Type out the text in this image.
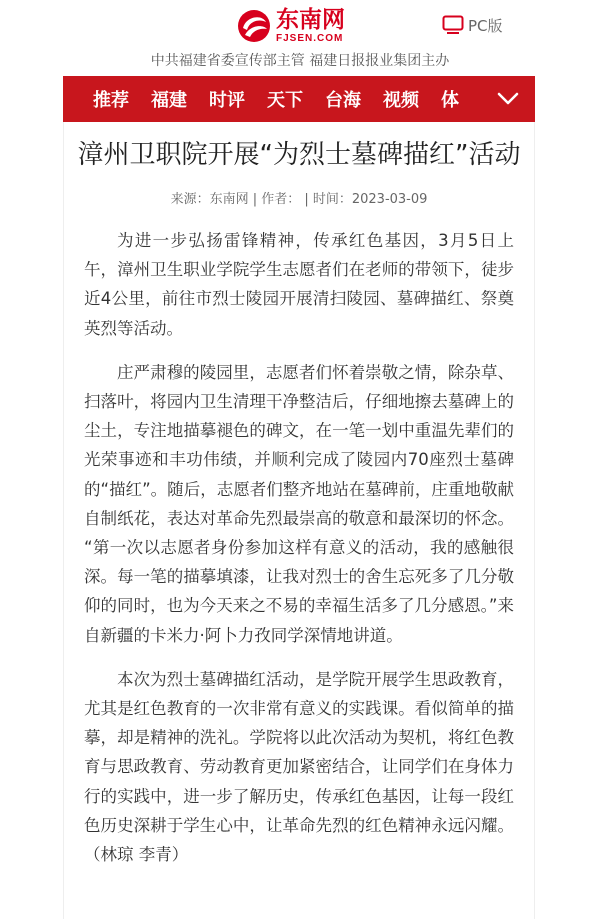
东南网
FJSEN.COM
PC版
中共福建省委宣传部主管 福建日报报业集团主办
推荐 福建 时评 天下 台海 视频 体
漳州卫职院开展“为烈士墓碑描红”活动
来源：东南网 | 作者： | 时间：2023-03-09

为进一步弘扬雷锋精神，传承红色基因，3月5日上午，漳州卫生职业学院学生志愿者们在老师的带领下，徒步近4公里，前往市烈士陵园开展清扫陵园、墓碑描红、祭奠英烈等活动。

庄严肃穆的陵园里，志愿者们怀着崇敬之情，除杂草、扫落叶，将园内卫生清理干净整洁后，仔细地擦去墓碑上的尘土，专注地描摹褪色的碑文，在一笔一划中重温先辈们的光荣事迹和丰功伟绩，并顺利完成了陵园内70座烈士墓碑的“描红”。随后，志愿者们整齐地站在墓碑前，庄重地敬献自制纸花，表达对革命先烈最崇高的敬意和最深切的怀念。 “第一次以志愿者身份参加这样有意义的活动，我的感触很深。每一笔的描摹填漆，让我对烈士的舍生忘死多了几分敬仰的同时，也为今天来之不易的幸福生活多了几分感恩。”来自新疆的卡米力·阿卜力孜同学深情地讲道。

本次为烈士墓碑描红活动，是学院开展学生思政教育，尤其是红色教育的一次非常有意义的实践课。看似简单的描摹，却是精神的洗礼。学院将以此次活动为契机，将红色教育与思政教育、劳动教育更加紧密结合，让同学们在身体力行的实践中，进一步了解历史，传承红色基因，让每一段红色历史深耕于学生心中，让革命先烈的红色精神永远闪耀。（林琼 李青）
